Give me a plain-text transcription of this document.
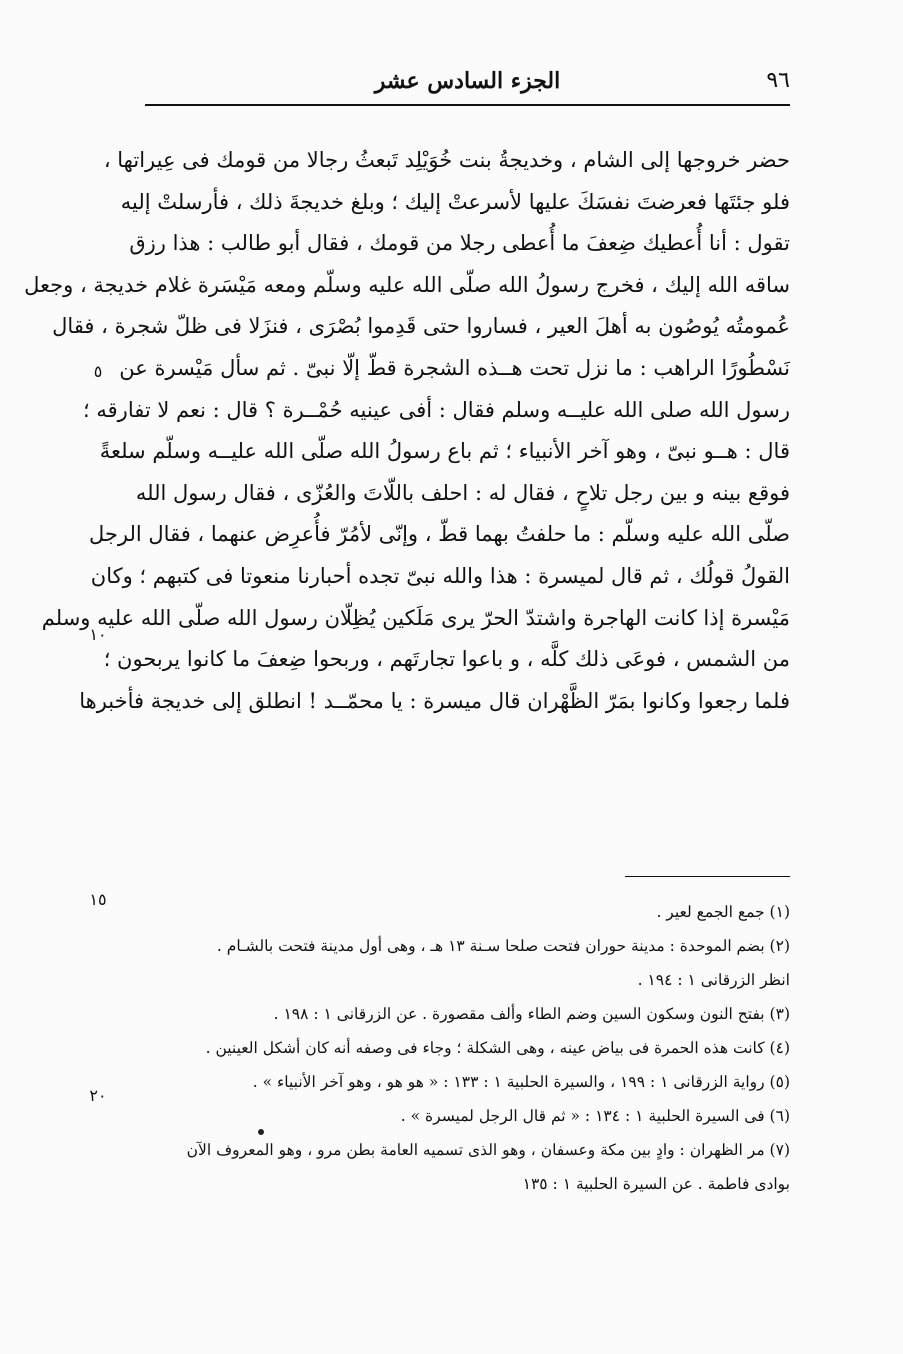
٩٦
الجزء السادس عشر
حضر خروجها إلى الشام ، وخديجةُ بنت خُوَيْلِد تَبعثُ رجالا من قومك فى عِيراتها ،
فلو جئتَها فعرضتَ نفسَكَ عليها لأسرعتْ إليك ؛ وبلغ خديجةَ ذلك ، فأرسلتْ إليه
تقول : أنا أُعطيك ضِعفَ ما أُعطى رجلا من قومك ، فقال أبو طالب : هذا رزق
ساقه الله إليك ، فخرج رسولُ الله صلّى الله عليه وسلّم ومعه مَيْسَرة غلام خديجة ، وجعل
عُمومتُه يُوصُون به أهلَ العير ، فساروا حتى قَدِموا بُصْرَى ، فنزَلا فى ظلّ شجرة ، فقال
نَسْطُورًا الراهب : ما نزل تحت هــذه الشجرة قطّ إلّا نبىّ . ثم سأل مَيْسرة عن
رسول الله صلى الله عليــه وسلم فقال : أفى عينيه حُمْــرة ؟ قال : نعم لا تفارقه ؛
قال : هــو نبىّ ، وهو آخر الأنبياء ؛ ثم باع رسولُ الله صلّى الله عليــه وسلّم سلعةً
فوقع بينه و بين رجل تلاحٍ ، فقال له : احلف باللّاتَ والعُزّى ، فقال رسول الله
صلّى الله عليه وسلّم : ما حلفتُ بهما قطّ ، وإنّى لأمُرّ فأُعرِض عنهما ، فقال الرجل
القولُ قولُك ، ثم قال لميسرة : هذا والله نبىّ تجده أحبارنا منعوتا فى كتبهم ؛ وكان
مَيْسرة إذا كانت الهاجرة واشتدّ الحرّ يرى مَلَكين يُظِلّان رسول الله صلّى الله عليه وسلم
من الشمس ، فوعَى ذلك كلَّه ، و باعوا تجارتَهم ، وربحوا ضِعفَ ما كانوا يربحون ؛
فلما رجعوا وكانوا بمَرّ الظَّهْران قال ميسرة : يا محمّــد ! انطلق إلى خديجة فأخبرها
٥
١٠
١٥
٢٠
(١) جمع الجمع لعير .
(٢) بضم الموحدة : مدينة حوران فتحت صلحا سـنة ١٣ هـ ، وهى أول مدينة فتحت بالشـام .
انظر الزرقانى ١ : ١٩٤ .
(٣) بفتح النون وسكون السين وضم الطاء وألف مقصورة . عن الزرقانى ١ : ١٩٨ .
(٤) كانت هذه الحمرة فى بياض عينه ، وهى الشكلة ؛ وجاء فى وصفه أنه كان أشكل العينين .
(٥) رواية الزرقانى ١ : ١٩٩ ، والسيرة الحلبية ١ : ١٣٣ : « هو هو ، وهو آخر الأنبياء » .
(٦) فى السيرة الحلبية ١ : ١٣٤ : « ثم قال الرجل لميسرة » .
(٧) مر الظهران : وادٍ بين مكة وعسفان ، وهو الذى تسميه العامة بطن مرو ، وهو المعروف الآن
بوادى فاطمة . عن السيرة الحلبية ١ : ١٣٥
